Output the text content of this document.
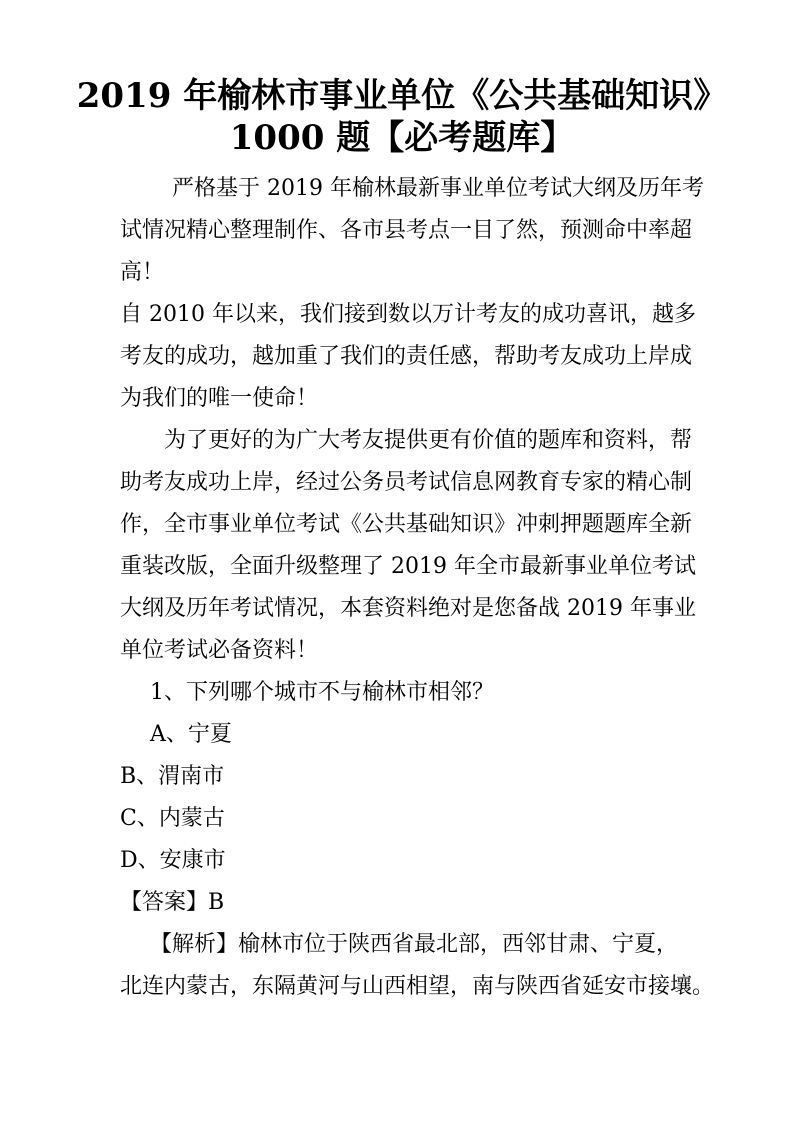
2019 年榆林市事业单位《公共基础知识》
1000 题【必考题库】
严格基于 2019 年榆林最新事业单位考试大纲及历年考
试情况精心整理制作、各市县考点一目了然，预测命中率超
高！
自 2010 年以来，我们接到数以万计考友的成功喜讯，越多
考友的成功，越加重了我们的责任感，帮助考友成功上岸成
为我们的唯一使命！
为了更好的为广大考友提供更有价值的题库和资料，帮
助考友成功上岸，经过公务员考试信息网教育专家的精心制
作，全市事业单位考试《公共基础知识》冲刺押题题库全新
重装改版，全面升级整理了 2019 年全市最新事业单位考试
大纲及历年考试情况，本套资料绝对是您备战 2019 年事业
单位考试必备资料！
1、下列哪个城市不与榆林市相邻？
A、宁夏
B、渭南市
C、内蒙古
D、安康市
【答案】B
【解析】榆林市位于陕西省最北部，西邻甘肃、宁夏，
北连内蒙古，东隔黄河与山西相望，南与陕西省延安市接壤。
